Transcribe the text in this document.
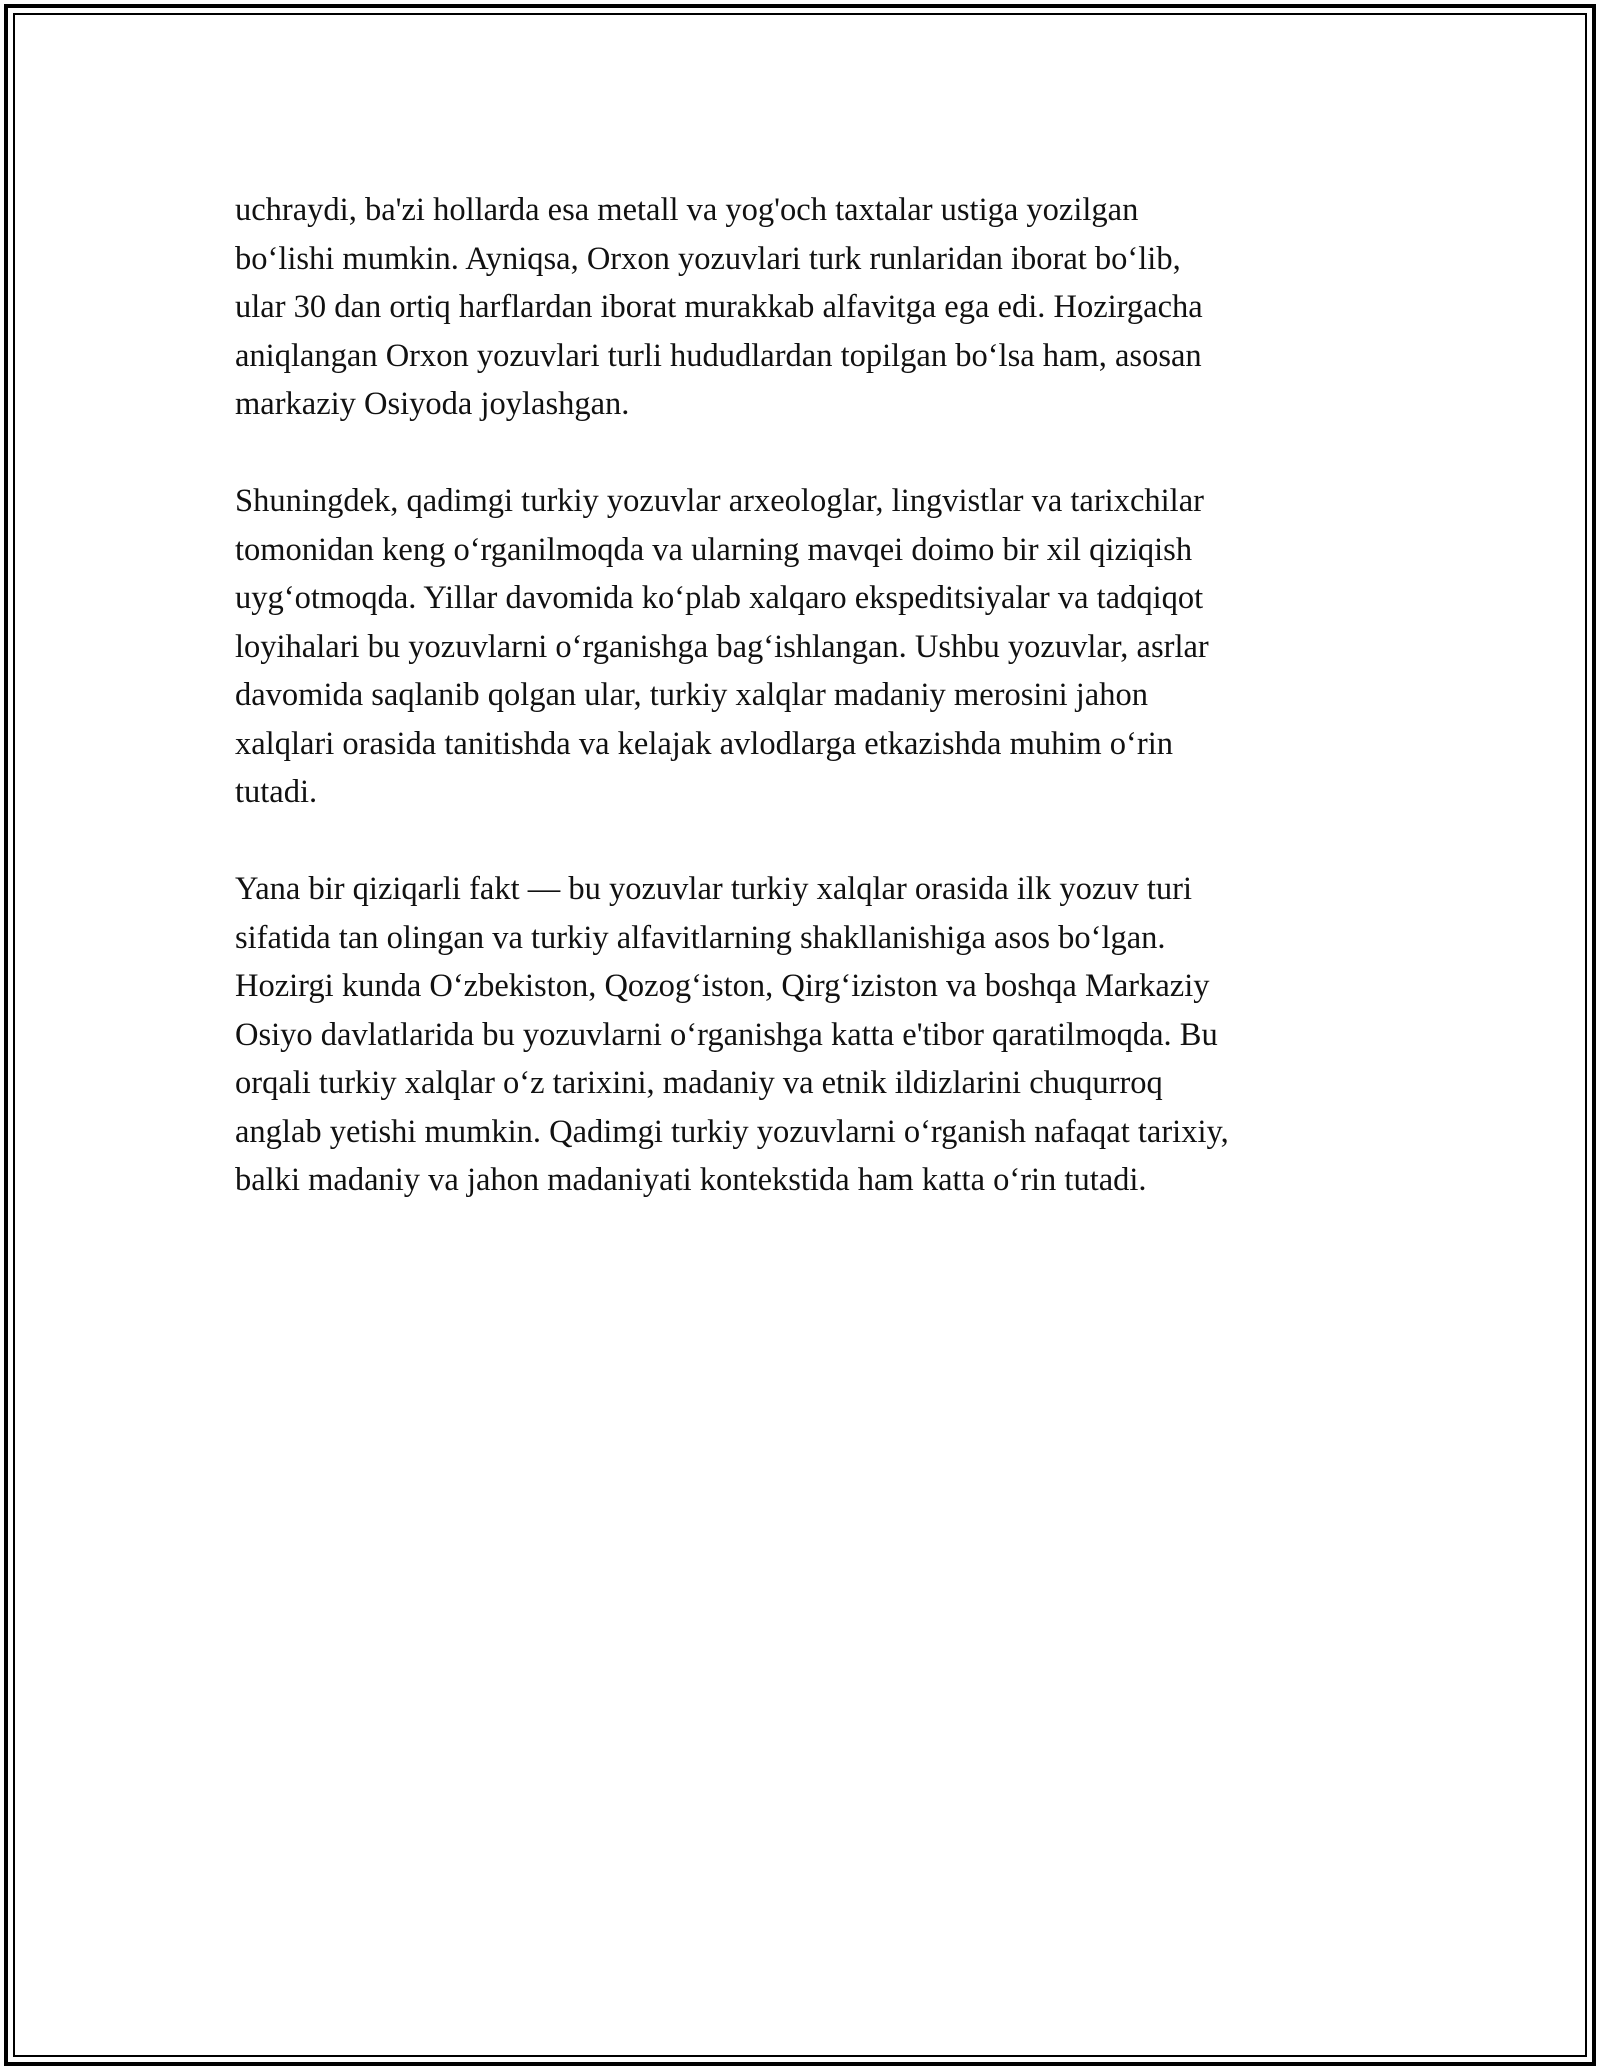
uchraydi, ba'zi hollarda esa metall va yog'och taxtalar ustiga yozilgan
bo‘lishi mumkin. Ayniqsa, Orxon yozuvlari turk runlaridan iborat bo‘lib,
ular 30 dan ortiq harflardan iborat murakkab alfavitga ega edi. Hozirgacha
aniqlangan Orxon yozuvlari turli hududlardan topilgan bo‘lsa ham, asosan
markaziy Osiyoda joylashgan.

Shuningdek, qadimgi turkiy yozuvlar arxeologlar, lingvistlar va tarixchilar
tomonidan keng o‘rganilmoqda va ularning mavqei doimo bir xil qiziqish
uyg‘otmoqda. Yillar davomida ko‘plab xalqaro ekspeditsiyalar va tadqiqot
loyihalari bu yozuvlarni o‘rganishga bag‘ishlangan. Ushbu yozuvlar, asrlar
davomida saqlanib qolgan ular, turkiy xalqlar madaniy merosini jahon
xalqlari orasida tanitishda va kelajak avlodlarga etkazishda muhim o‘rin
tutadi.

Yana bir qiziqarli fakt — bu yozuvlar turkiy xalqlar orasida ilk yozuv turi
sifatida tan olingan va turkiy alfavitlarning shakllanishiga asos bo‘lgan.
Hozirgi kunda O‘zbekiston, Qozog‘iston, Qirg‘iziston va boshqa Markaziy
Osiyo davlatlarida bu yozuvlarni o‘rganishga katta e'tibor qaratilmoqda. Bu
orqali turkiy xalqlar o‘z tarixini, madaniy va etnik ildizlarini chuqurroq
anglab yetishi mumkin. Qadimgi turkiy yozuvlarni o‘rganish nafaqat tarixiy,
balki madaniy va jahon madaniyati kontekstida ham katta o‘rin tutadi.
